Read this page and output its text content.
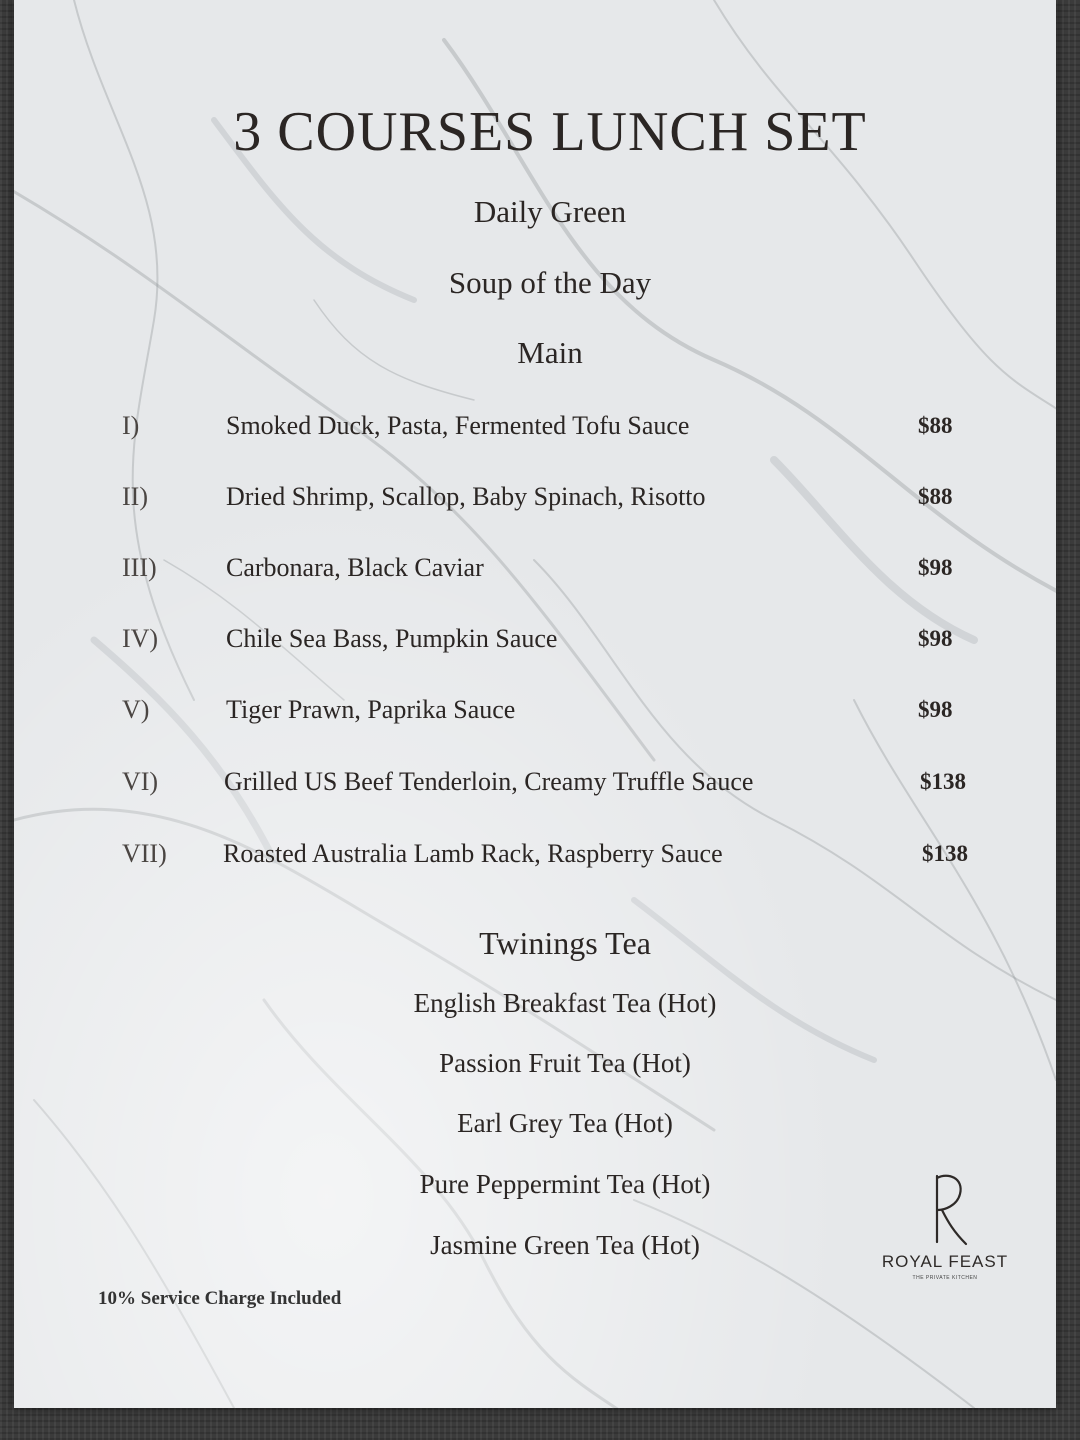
3 COURSES LUNCH SET
Daily Green
Soup of the Day
Main
I)	Smoked Duck, Pasta, Fermented Tofu Sauce	$88
II)	Dried Shrimp, Scallop, Baby Spinach, Risotto	$88
III)	Carbonara, Black Caviar	$98
IV)	Chile Sea Bass, Pumpkin Sauce	$98
V)	Tiger Prawn, Paprika Sauce	$98
VI)	Grilled US Beef Tenderloin, Creamy Truffle Sauce	$138
VII) Roasted Australia Lamb Rack, Raspberry Sauce	$138
Twinings Tea
English Breakfast Tea (Hot)
Passion Fruit Tea (Hot)
Earl Grey Tea (Hot)
Pure Peppermint Tea (Hot)
Jasmine Green Tea (Hot)
10% Service Charge Included
ROYAL FEAST
THE PRIVATE KITCHEN
